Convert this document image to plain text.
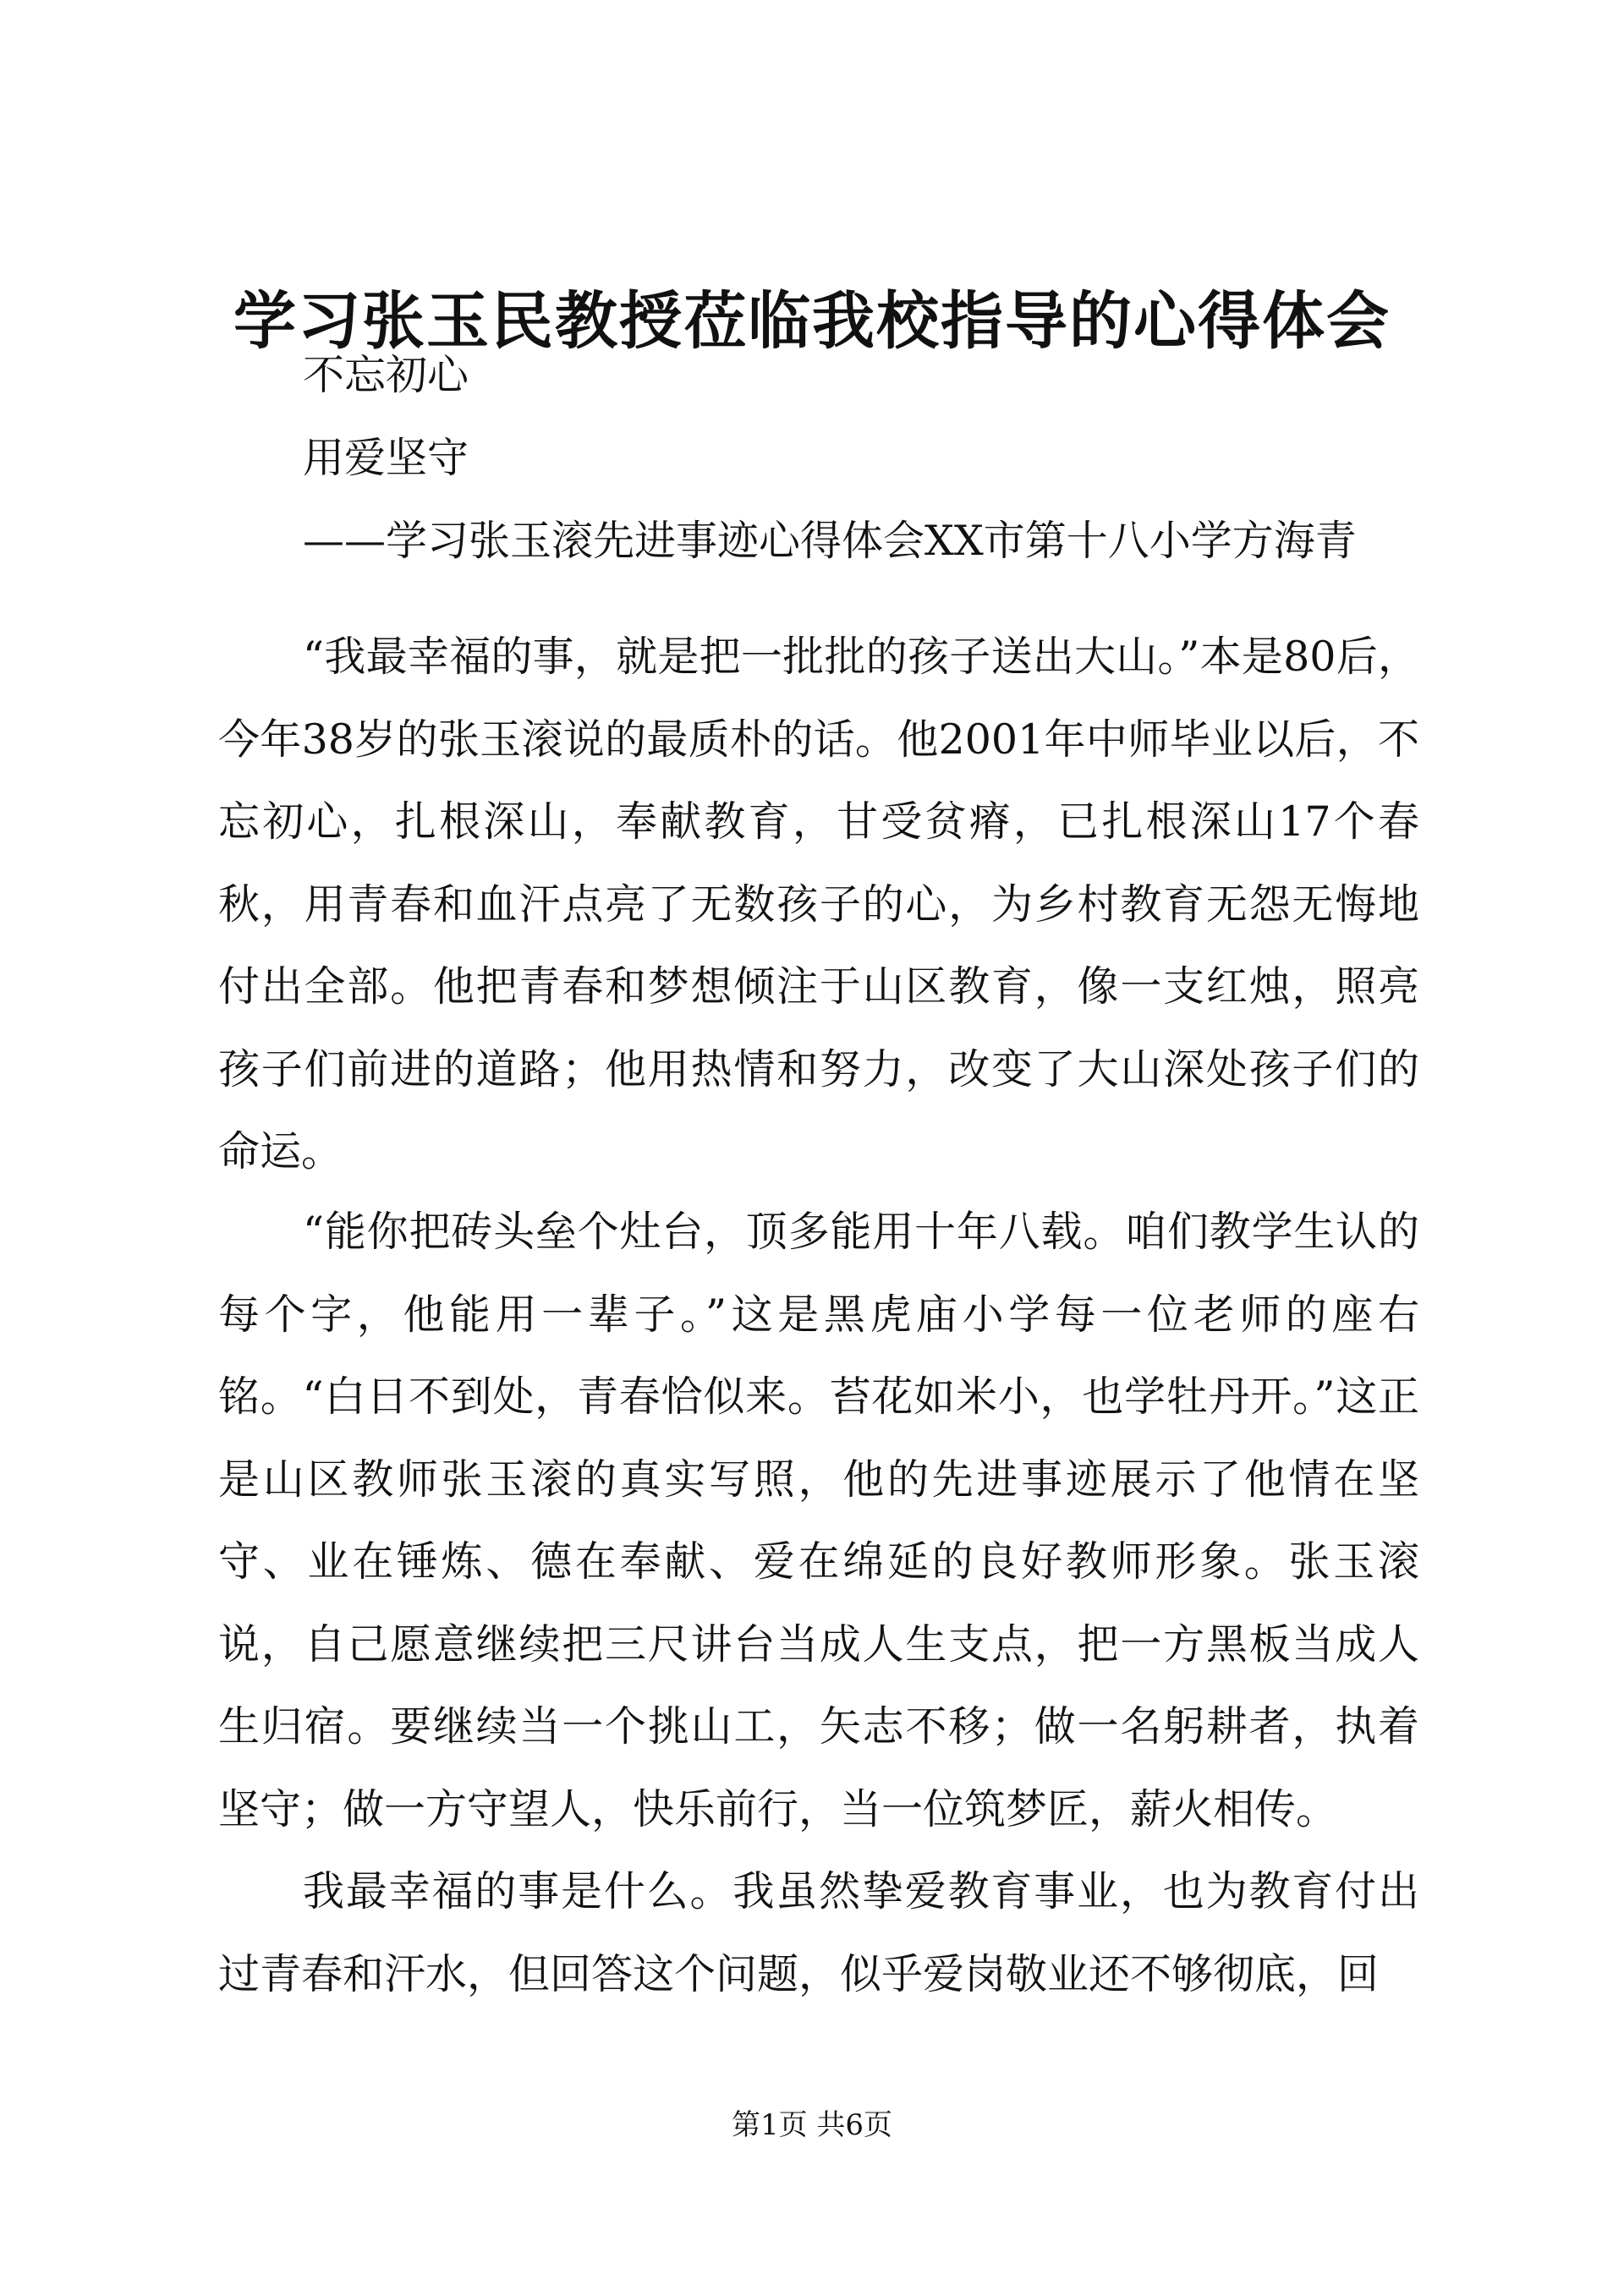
学习张玉民教授莅临我校指导的心得体会

不忘初心

用爱坚守

——学习张玉滚先进事迹心得体会XX市第十八小学方海青

“我最幸福的事，就是把一批批的孩子送出大山。”本是80后，今年38岁的张玉滚说的最质朴的话。他2001年中师毕业以后，不忘初心，扎根深山，奉献教育，甘受贫瘠，已扎根深山17个春秋，用青春和血汗点亮了无数孩子的心，为乡村教育无怨无悔地付出全部。他把青春和梦想倾注于山区教育，像一支红烛，照亮孩子们前进的道路；他用热情和努力，改变了大山深处孩子们的命运。

“能你把砖头垒个灶台，顶多能用十年八载。咱们教学生认的每个字，他能用一辈子。”这是黑虎庙小学每一位老师的座右铭。“白日不到处，青春恰似来。苔花如米小，也学牡丹开。”这正是山区教师张玉滚的真实写照，他的先进事迹展示了他情在坚守、业在锤炼、德在奉献、爱在绵延的良好教师形象。张玉滚说，自己愿意继续把三尺讲台当成人生支点，把一方黑板当成人生归宿。要继续当一个挑山工，矢志不移；做一名躬耕者，执着坚守；做一方守望人，快乐前行，当一位筑梦匠，薪火相传。

我最幸福的事是什么。我虽然挚爱教育事业，也为教育付出过青春和汗水，但回答这个问题，似乎爱岗敬业还不够彻底，回

第1页 共6页
